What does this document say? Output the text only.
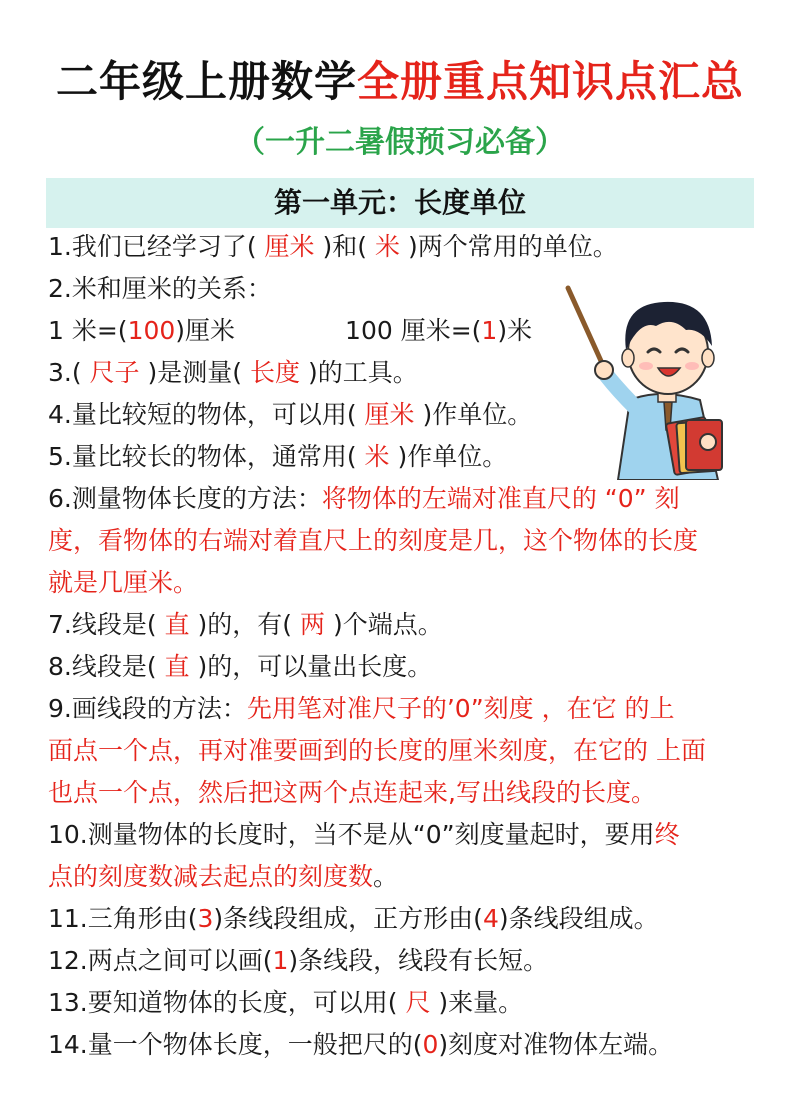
二年级上册数学全册重点知识点汇总
（一升二暑假预习必备）
第一单元：长度单位
1.我们已经学习了( 厘米 )和( 米 )两个常用的单位。
2.米和厘米的关系：
1 米=(100)厘米	100 厘米=(1)米
3.( 尺子 )是测量( 长度 )的工具。
4.量比较短的物体，可以用( 厘米 )作单位。
5.量比较长的物体，通常用( 米 )作单位。
6.测量物体长度的方法：将物体的左端对准直尺的 “0” 刻
度，看物体的右端对着直尺上的刻度是几，这个物体的长度
就是几厘米。
7.线段是( 直 )的，有( 两 )个端点。
8.线段是( 直 )的，可以量出长度。
9.画线段的方法：先用笔对准尺子的’0”刻度 ，在它 的上
面点一个点，再对准要画到的长度的厘米刻度，在它的 上面
也点一个点，然后把这两个点连起来,写出线段的长度。
10.测量物体的长度时，当不是从“0”刻度量起时，要用终
点的刻度数减去起点的刻度数。
11.三角形由(3)条线段组成，正方形由(4)条线段组成。
12.两点之间可以画(1)条线段，线段有长短。
13.要知道物体的长度，可以用( 尺 )来量。
14.量一个物体长度，一般把尺的(0)刻度对准物体左端。
